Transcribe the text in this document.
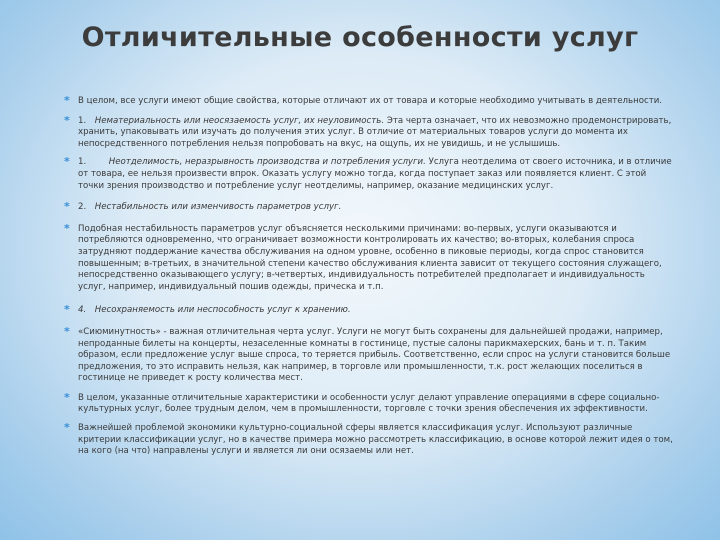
Отличительные особенности услуг
* В целом, все услуги имеют общие свойства, которые отличают их от товара и которые необходимо учитывать в деятельности.
* 1. Нематериальность или неосязаемость услуг, их неуловимость. Эта черта означает, что их невозможно продемонстрировать, хранить, упаковывать или изучать до получения этих услуг. В отличие от материальных товаров услуги до момента их непосредственного потребления нельзя попробовать на вкус, на ощупь, их не увидишь, и не услышишь.
* 1.	Неотделимость, неразрывность производства и потребления услуги. Услуга неотделима от своего источника, и в отличие от товара, ее нельзя произвести впрок. Оказать услугу можно тогда, когда поступает заказ или появляется клиент. С этой точки зрения производство и потребление услуг неотделимы, например, оказание медицинских услуг.
* 2. Нестабильность или изменчивость параметров услуг.
* Подобная нестабильность параметров услуг объясняется несколькими причинами: во-первых, услуги оказываются и потребляются одновременно, что ограничивает возможности контролировать их качество; во-вторых, колебания спроса затрудняют поддержание качества обслуживания на одном уровне, особенно в пиковые периоды, когда спрос становится повышенным; в-третьих, в значительной степени качество обслуживания клиента зависит от текущего состояния служащего, непосредственно оказывающего услугу; в-четвертых, индивидуальность потребителей предполагает и индивидуальность услуг, например, индивидуальный пошив одежды, прическа и т.п.
* 4. Несохраняемость или неспособность услуг к хранению.
* «Сиюминутность» - важная отличительная черта услуг. Услуги не могут быть сохранены для дальнейшей продажи, например, непроданные билеты на концерты, незаселенные комнаты в гостинице, пустые салоны парикмахерских, бань и т. п. Таким образом, если предложение услуг выше спроса, то теряется прибыль. Соответственно, если спрос на услуги становится больше предложения, то это исправить нельзя, как например, в торговле или промышленности, т.к. рост желающих поселиться в гостинице не приведет к росту количества мест.
* В целом, указанные отличительные характеристики и особенности услуг делают управление операциями в сфере социально-культурных услуг, более трудным делом, чем в промышленности, торговле с точки зрения обеспечения их эффективности.
* Важнейшей проблемой экономики культурно-социальной сферы является классификация услуг. Используют различные критерии классификации услуг, но в качестве примера можно рассмотреть классификацию, в основе которой лежит идея о том, на кого (на что) направлены услуги и является ли они осязаемы или нет.
